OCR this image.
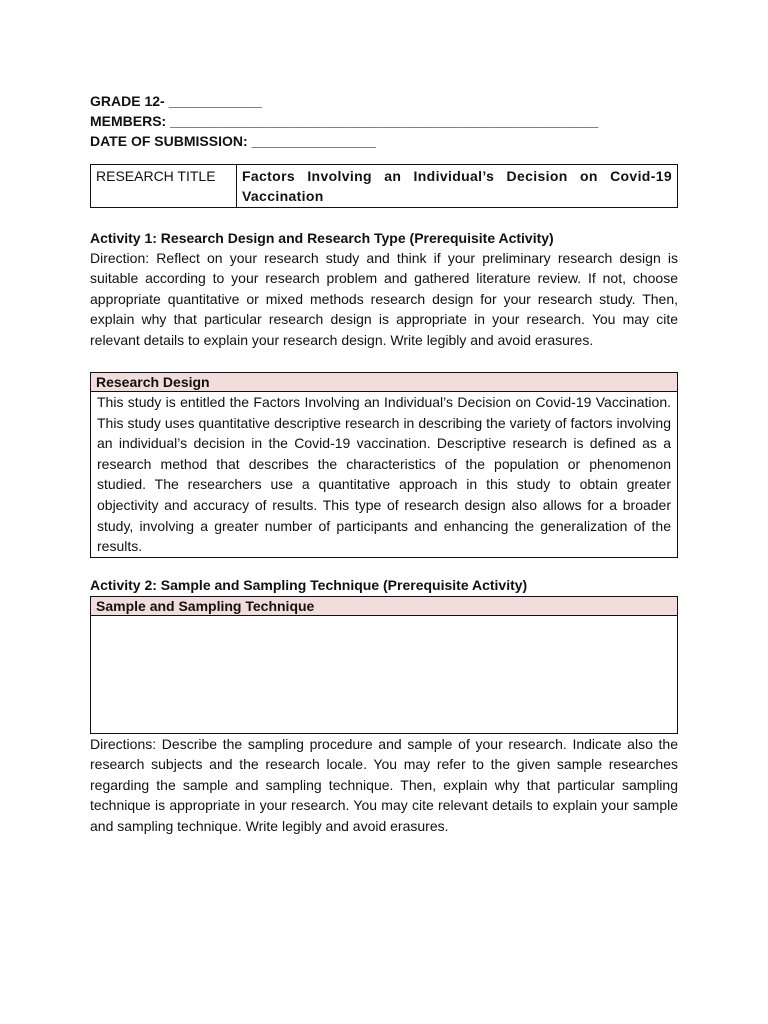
GRADE 12- ____________
MEMBERS: _______________________________________________________
DATE OF SUBMISSION: ________________
RESEARCH TITLE	Factors Involving an Individual’s Decision on Covid-19 Vaccination
Activity 1: Research Design and Research Type (Prerequisite Activity)
Direction: Reflect on your research study and think if your preliminary research design is suitable according to your research problem and gathered literature review. If not, choose appropriate quantitative or mixed methods research design for your research study. Then, explain why that particular research design is appropriate in your research. You may cite relevant details to explain your research design. Write legibly and avoid erasures.
Research Design
This study is entitled the Factors Involving an Individual’s Decision on Covid-19 Vaccination. This study uses quantitative descriptive research in describing the variety of factors involving an individual’s decision in the Covid-19 vaccination. Descriptive research is defined as a research method that describes the characteristics of the population or phenomenon studied. The researchers use a quantitative approach in this study to obtain greater objectivity and accuracy of results. This type of research design also allows for a broader study, involving a greater number of participants and enhancing the generalization of the results.
Activity 2: Sample and Sampling Technique (Prerequisite Activity)
Sample and Sampling Technique

Directions: Describe the sampling procedure and sample of your research. Indicate also the research subjects and the research locale. You may refer to the given sample researches regarding the sample and sampling technique. Then, explain why that particular sampling technique is appropriate in your research. You may cite relevant details to explain your sample and sampling technique. Write legibly and avoid erasures.
